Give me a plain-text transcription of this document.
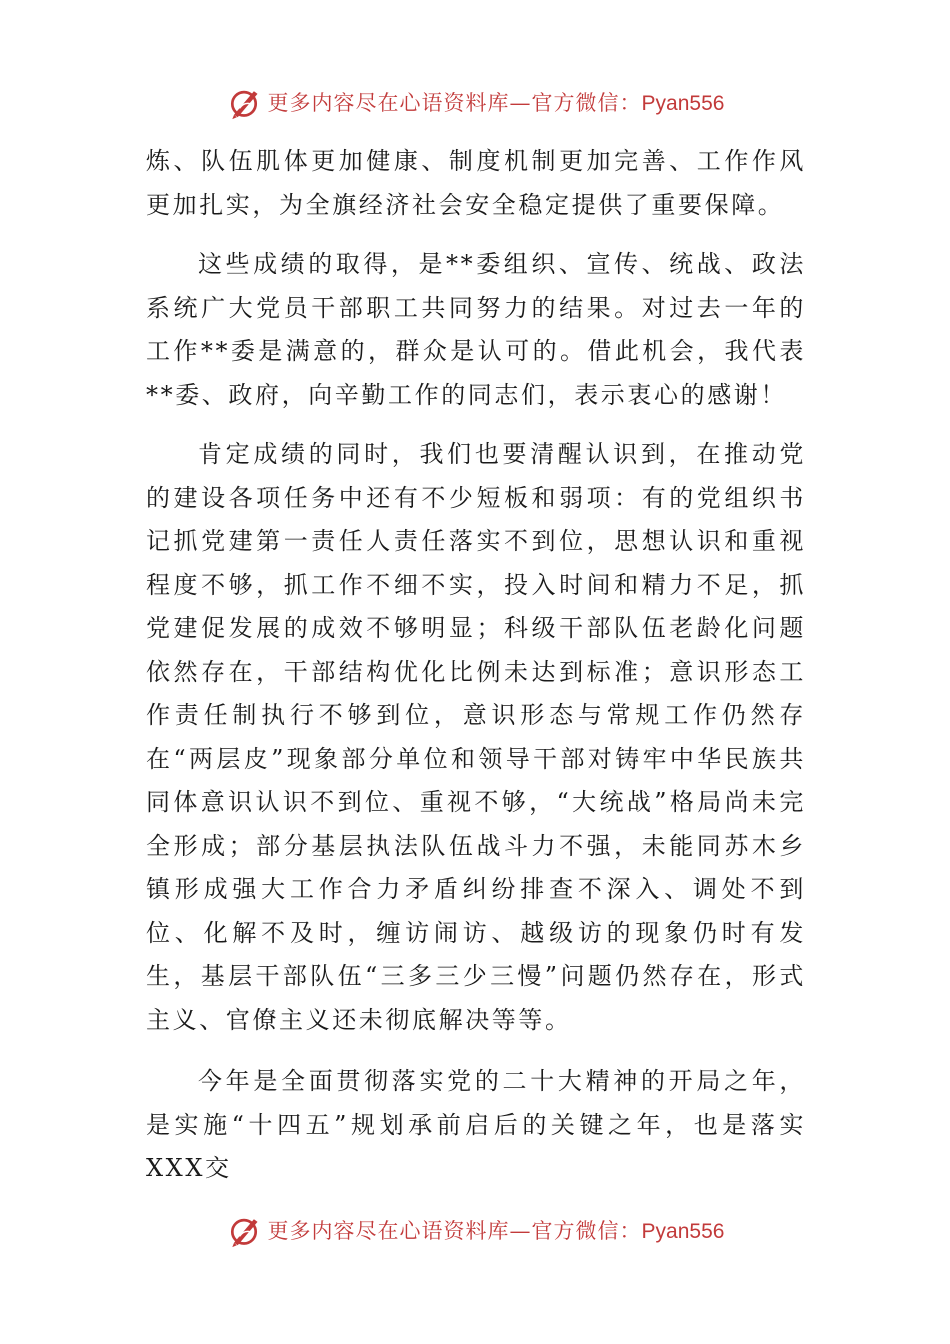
更多内容尽在心语资料库—官方微信：Pyan556

炼、队伍肌体更加健康、制度机制更加完善、工作作风更加扎实，为全旗经济社会安全稳定提供了重要保障。

这些成绩的取得，是**委组织、宣传、统战、政法系统广大党员干部职工共同努力的结果。对过去一年的工作**委是满意的，群众是认可的。借此机会，我代表**委、政府，向辛勤工作的同志们，表示衷心的感谢！

肯定成绩的同时，我们也要清醒认识到，在推动党的建设各项任务中还有不少短板和弱项：有的党组织书记抓党建第一责任人责任落实不到位，思想认识和重视程度不够，抓工作不细不实，投入时间和精力不足，抓党建促发展的成效不够明显；科级干部队伍老龄化问题依然存在，干部结构优化比例未达到标准；意识形态工作责任制执行不够到位，意识形态与常规工作仍然存在“两层皮”现象部分单位和领导干部对铸牢中华民族共同体意识认识不到位、重视不够，“大统战”格局尚未完全形成；部分基层执法队伍战斗力不强，未能同苏木乡镇形成强大工作合力矛盾纠纷排查不深入、调处不到位、化解不及时，缠访闹访、越级访的现象仍时有发生，基层干部队伍“三多三少三慢”问题仍然存在，形式主义、官僚主义还未彻底解决等等。

今年是全面贯彻落实党的二十大精神的开局之年，是实施“十四五”规划承前启后的关键之年，也是落实XXX交

更多内容尽在心语资料库—官方微信：Pyan556
